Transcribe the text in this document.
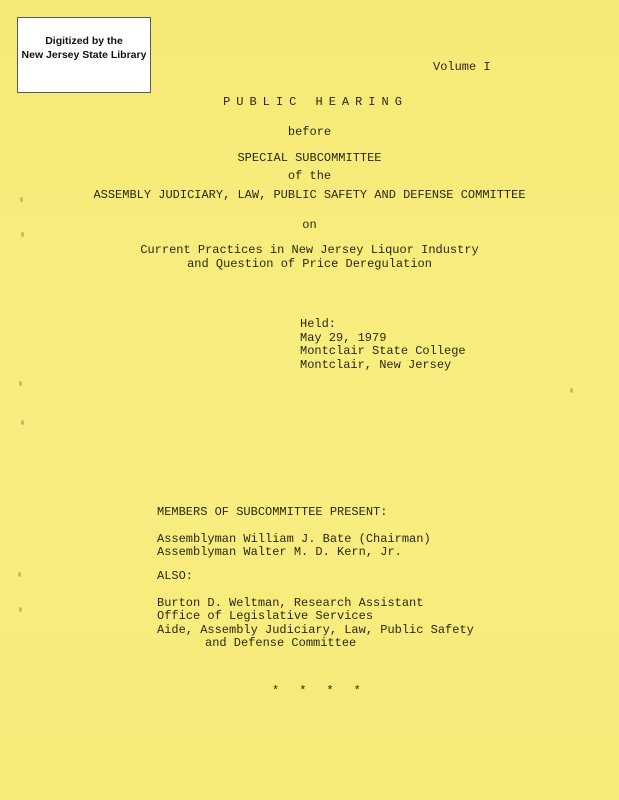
Digitized by the
New Jersey State Library
Volume I
PUBLIC HEARING
before
SPECIAL SUBCOMMITTEE
of the
ASSEMBLY JUDICIARY, LAW, PUBLIC SAFETY AND DEFENSE COMMITTEE
on
Current Practices in New Jersey Liquor Industry
and Question of Price Deregulation
Held:
May 29, 1979
Montclair State College
Montclair, New Jersey
MEMBERS OF SUBCOMMITTEE PRESENT:
Assemblyman William J. Bate (Chairman)
Assemblyman Walter M. D. Kern, Jr.
ALSO:
Burton D. Weltman, Research Assistant
Office of Legislative Services
Aide, Assembly Judiciary, Law, Public Safety
and Defense Committee
****
